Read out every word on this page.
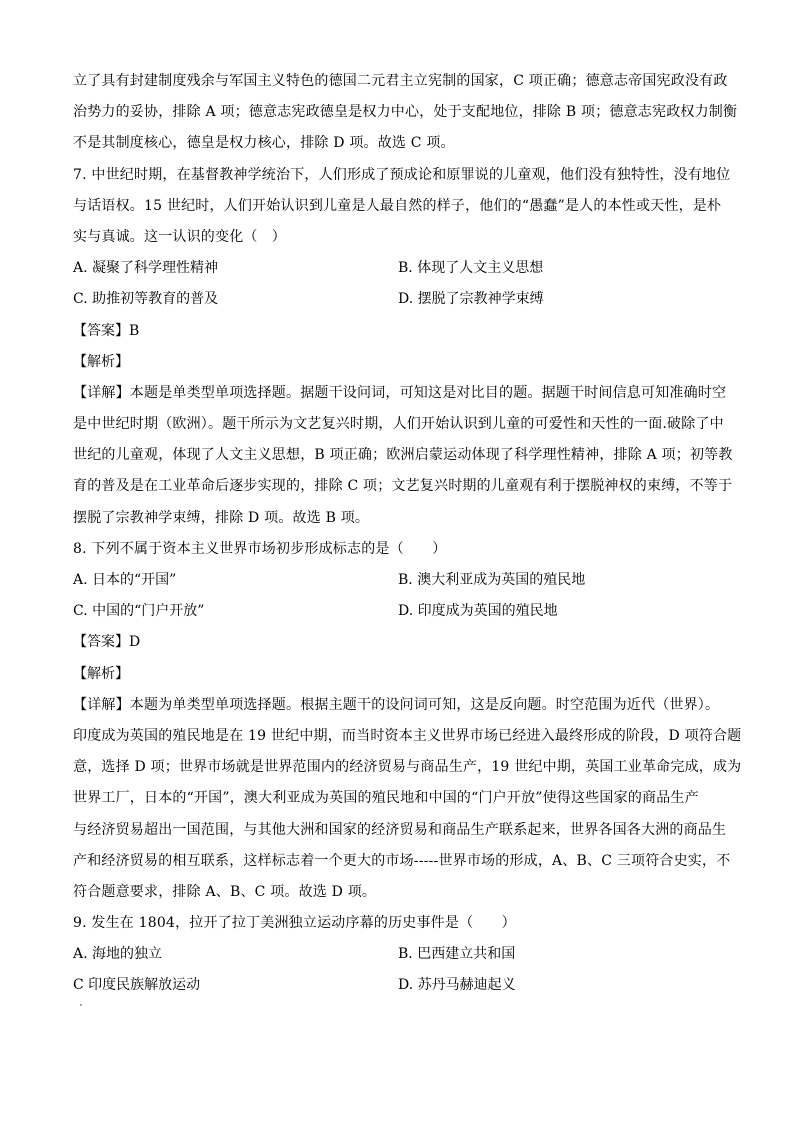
立了具有封建制度残余与军国主义特色的德国二元君主立宪制的国家，C 项正确；德意志帝国宪政没有政
治势力的妥协，排除 A 项；德意志宪政德皇是权力中心，处于支配地位，排除 B 项；德意志宪政权力制衡
不是其制度核心，德皇是权力核心，排除 D 项。故选 C 项。
7. 中世纪时期，在基督教神学统治下，人们形成了预成论和原罪说的儿童观，他们没有独特性，没有地位
与话语权。15 世纪时，人们开始认识到儿童是人最自然的样子，他们的“愚蠢”是人的本性或天性，是朴
实与真诚。这一认识的变化（　）
A. 凝聚了科学理性精神	B. 体现了人文主义思想
C. 助推初等教育的普及	D. 摆脱了宗教神学束缚
【答案】B
【解析】
【详解】本题是单类型单项选择题。据题干设问词，可知这是对比目的题。据题干时间信息可知准确时空
是中世纪时期（欧洲）。题干所示为文艺复兴时期，人们开始认识到儿童的可爱性和天性的一面.破除了中
世纪的儿童观，体现了人文主义思想，B 项正确；欧洲启蒙运动体现了科学理性精神，排除 A 项；初等教
育的普及是在工业革命后逐步实现的，排除 C 项；文艺复兴时期的儿童观有利于摆脱神权的束缚，不等于
摆脱了宗教神学束缚，排除 D 项。故选 B 项。
8. 下列不属于资本主义世界市场初步形成标志的是（　　）
A. 日本的“开国”	B. 澳大利亚成为英国的殖民地
C. 中国的“门户开放”	D. 印度成为英国的殖民地
【答案】D
【解析】
【详解】本题为单类型单项选择题。根据主题干的设问词可知，这是反向题。时空范围为近代（世界）。
印度成为英国的殖民地是在 19 世纪中期，而当时资本主义世界市场已经进入最终形成的阶段，D 项符合题
意，选择 D 项；世界市场就是世界范围内的经济贸易与商品生产，19 世纪中期，英国工业革命完成，成为
世界工厂，日本的“开国”，澳大利亚成为英国的殖民地和中国的“门户开放”使得这些国家的商品生产
与经济贸易超出一国范围，与其他大洲和国家的经济贸易和商品生产联系起来，世界各国各大洲的商品生
产和经济贸易的相互联系，这样标志着一个更大的市场-----世界市场的形成，A、B、C 三项符合史实，不
符合题意要求，排除 A、B、C 项。故选 D 项。
9. 发生在 1804，拉开了拉丁美洲独立运动序幕的历史事件是（　　）
A. 海地的独立	B. 巴西建立共和国
C 印度民族解放运动	D. 苏丹马赫迪起义
